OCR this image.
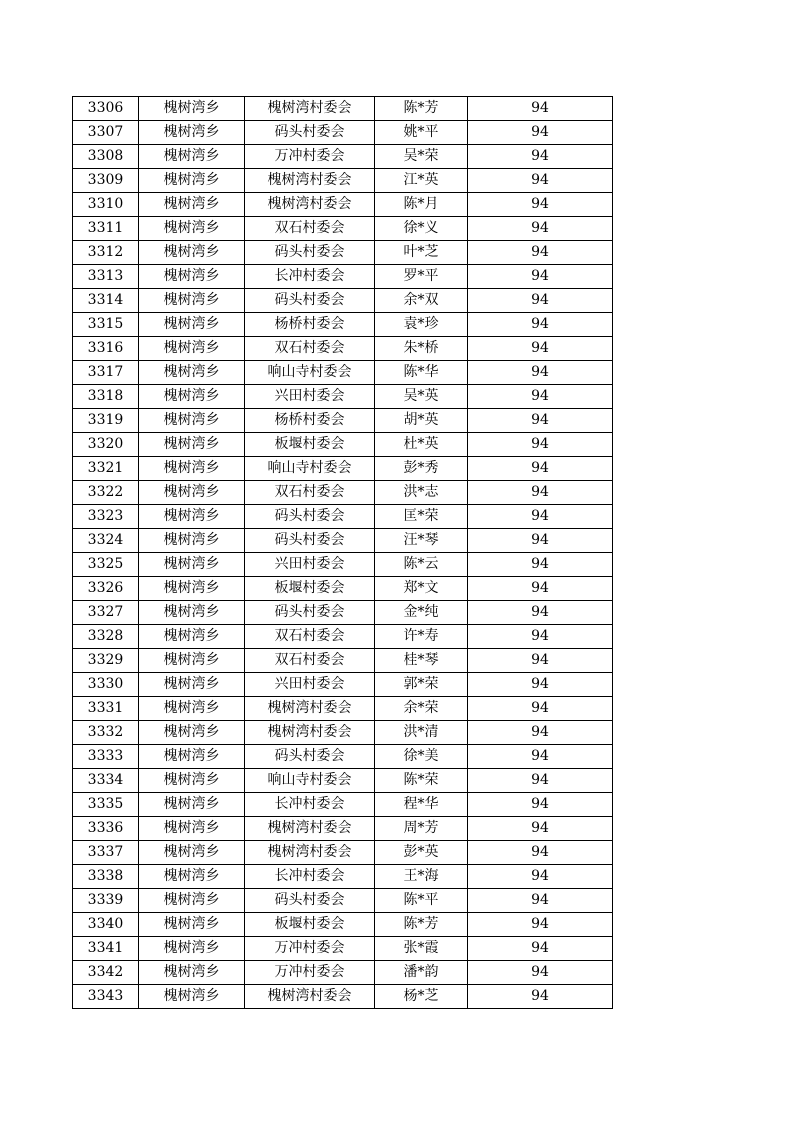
3306	槐树湾乡	槐树湾村委会	陈*芳	94
3307	槐树湾乡	码头村委会	姚*平	94
3308	槐树湾乡	万冲村委会	吴*荣	94
3309	槐树湾乡	槐树湾村委会	江*英	94
3310	槐树湾乡	槐树湾村委会	陈*月	94
3311	槐树湾乡	双石村委会	徐*义	94
3312	槐树湾乡	码头村委会	叶*芝	94
3313	槐树湾乡	长冲村委会	罗*平	94
3314	槐树湾乡	码头村委会	余*双	94
3315	槐树湾乡	杨桥村委会	袁*珍	94
3316	槐树湾乡	双石村委会	朱*桥	94
3317	槐树湾乡	响山寺村委会	陈*华	94
3318	槐树湾乡	兴田村委会	吴*英	94
3319	槐树湾乡	杨桥村委会	胡*英	94
3320	槐树湾乡	板堰村委会	杜*英	94
3321	槐树湾乡	响山寺村委会	彭*秀	94
3322	槐树湾乡	双石村委会	洪*志	94
3323	槐树湾乡	码头村委会	匡*荣	94
3324	槐树湾乡	码头村委会	汪*琴	94
3325	槐树湾乡	兴田村委会	陈*云	94
3326	槐树湾乡	板堰村委会	郑*文	94
3327	槐树湾乡	码头村委会	金*纯	94
3328	槐树湾乡	双石村委会	许*寿	94
3329	槐树湾乡	双石村委会	桂*琴	94
3330	槐树湾乡	兴田村委会	郭*荣	94
3331	槐树湾乡	槐树湾村委会	余*荣	94
3332	槐树湾乡	槐树湾村委会	洪*清	94
3333	槐树湾乡	码头村委会	徐*美	94
3334	槐树湾乡	响山寺村委会	陈*荣	94
3335	槐树湾乡	长冲村委会	程*华	94
3336	槐树湾乡	槐树湾村委会	周*芳	94
3337	槐树湾乡	槐树湾村委会	彭*英	94
3338	槐树湾乡	长冲村委会	王*海	94
3339	槐树湾乡	码头村委会	陈*平	94
3340	槐树湾乡	板堰村委会	陈*芳	94
3341	槐树湾乡	万冲村委会	张*霞	94
3342	槐树湾乡	万冲村委会	潘*韵	94
3343	槐树湾乡	槐树湾村委会	杨*芝	94
